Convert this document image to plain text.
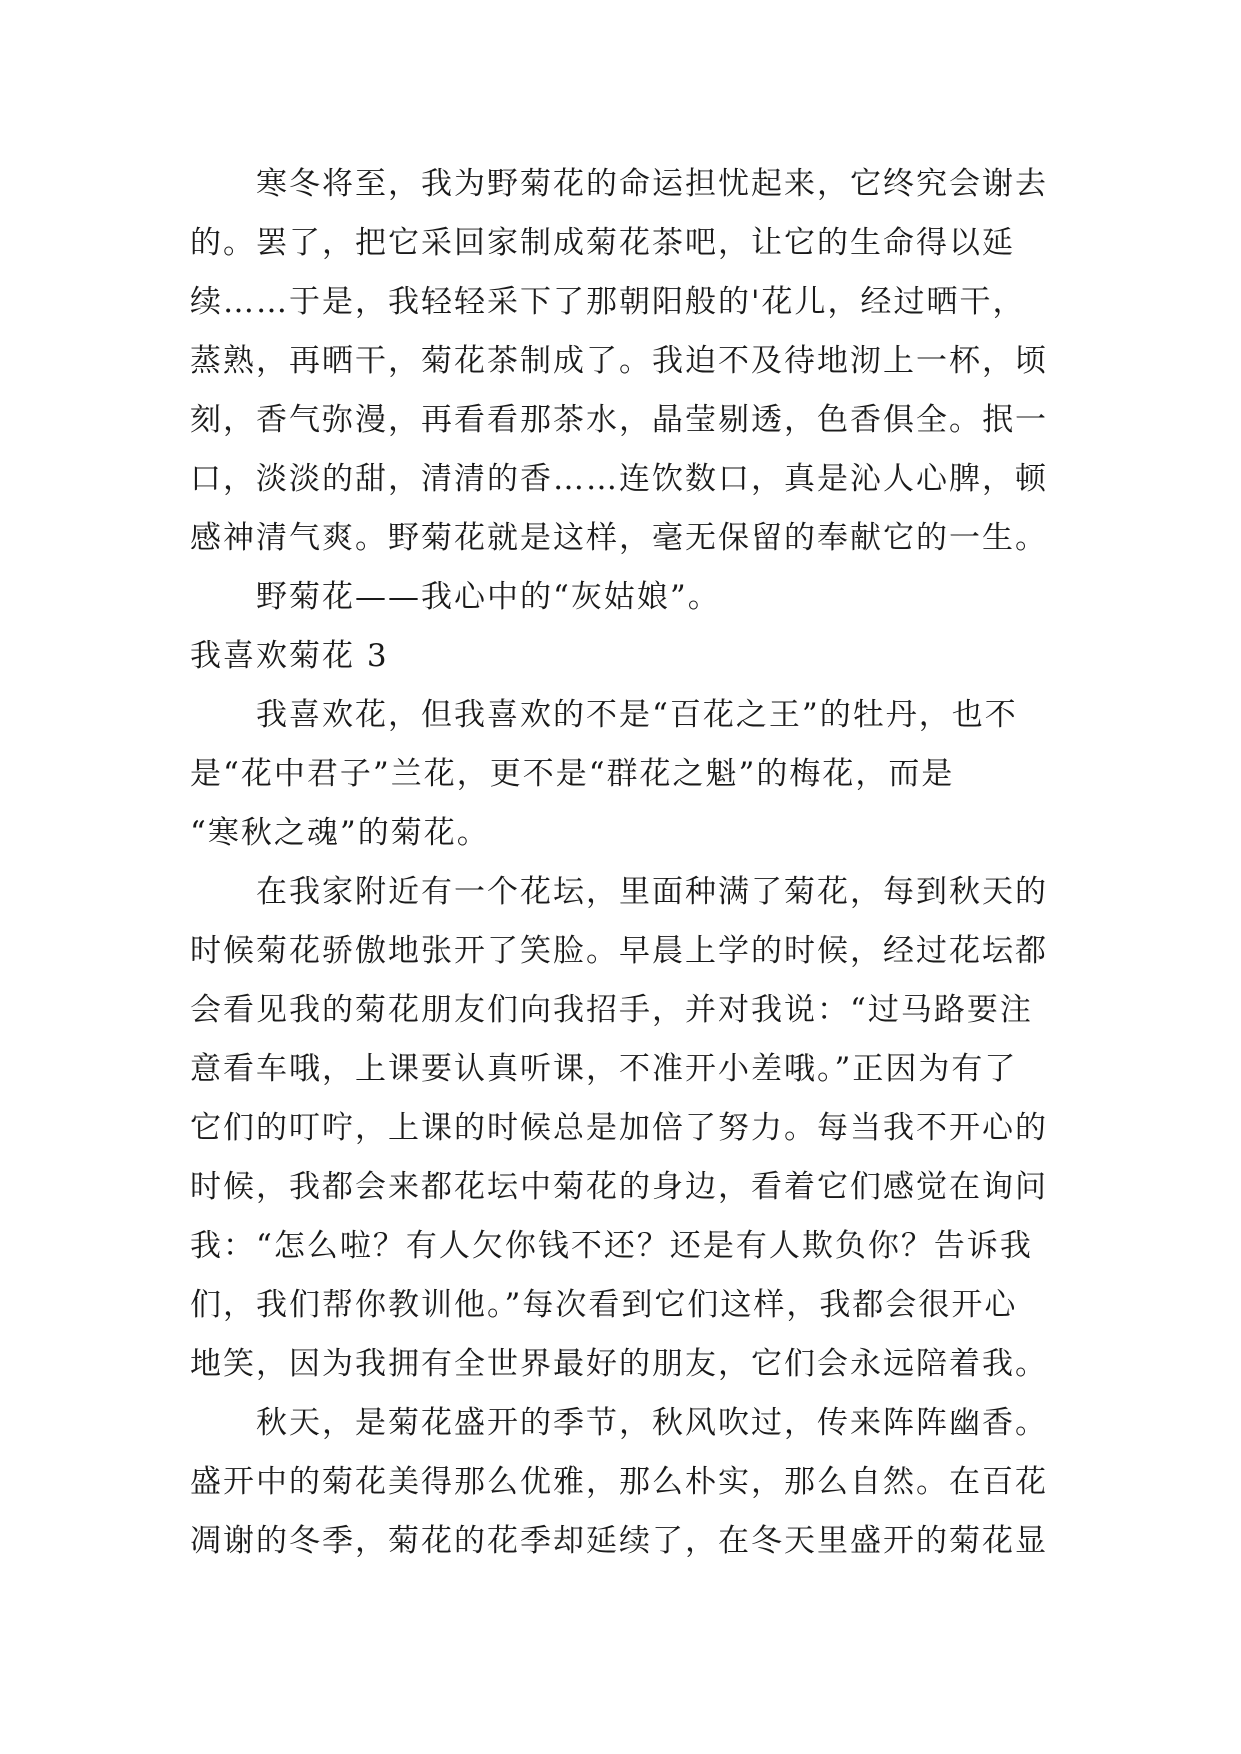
　　寒冬将至，我为野菊花的命运担忧起来，它终究会谢去
的。罢了，把它采回家制成菊花茶吧，让它的生命得以延
续……于是，我轻轻采下了那朝阳般的'花儿，经过晒干，
蒸熟，再晒干，菊花茶制成了。我迫不及待地沏上一杯，顷
刻，香气弥漫，再看看那茶水，晶莹剔透，色香俱全。抿一
口，淡淡的甜，清清的香……连饮数口，真是沁人心脾，顿
感神清气爽。野菊花就是这样，毫无保留的奉献它的一生。
　　野菊花——我心中的“灰姑娘”。
我喜欢菊花 3
　　我喜欢花，但我喜欢的不是“百花之王”的牡丹，也不
是“花中君子”兰花，更不是“群花之魁”的梅花，而是
“寒秋之魂”的菊花。
　　在我家附近有一个花坛，里面种满了菊花，每到秋天的
时候菊花骄傲地张开了笑脸。早晨上学的时候，经过花坛都
会看见我的菊花朋友们向我招手，并对我说：“过马路要注
意看车哦，上课要认真听课，不准开小差哦。”正因为有了
它们的叮咛，上课的时候总是加倍了努力。每当我不开心的
时候，我都会来都花坛中菊花的身边，看着它们感觉在询问
我：“怎么啦？有人欠你钱不还？还是有人欺负你？告诉我
们，我们帮你教训他。”每次看到它们这样，我都会很开心
地笑，因为我拥有全世界最好的朋友，它们会永远陪着我。
　　秋天，是菊花盛开的季节，秋风吹过，传来阵阵幽香。
盛开中的菊花美得那么优雅，那么朴实，那么自然。在百花
凋谢的冬季，菊花的花季却延续了，在冬天里盛开的菊花显
